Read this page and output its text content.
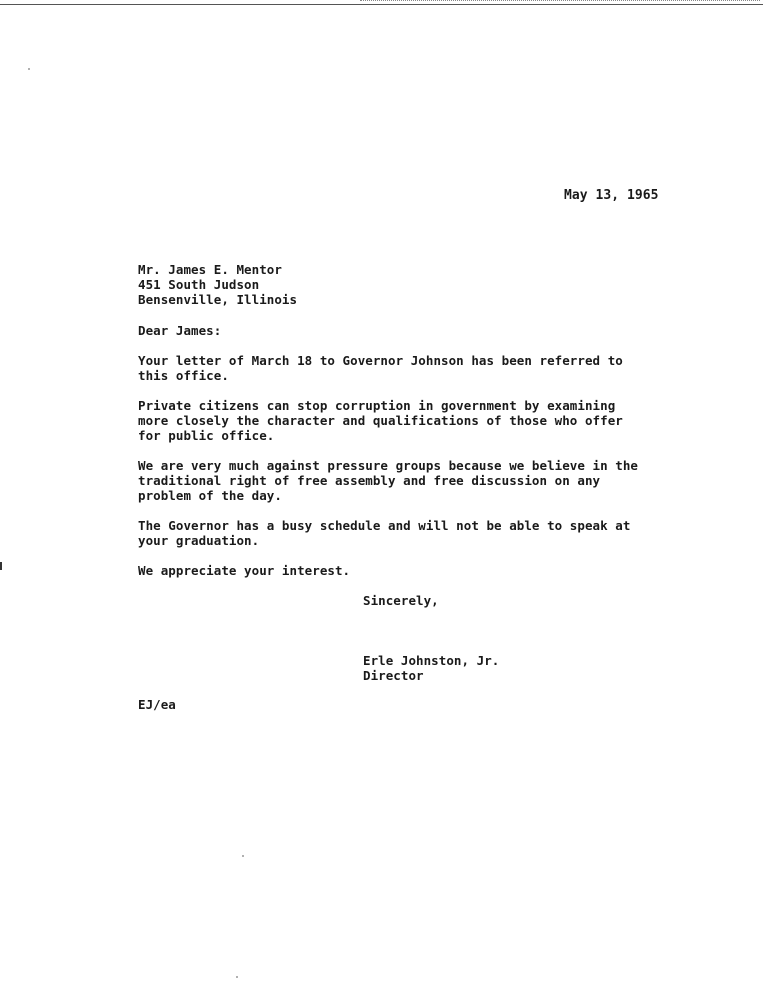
May 13, 1965
Mr. James E. Mentor
451 South Judson
Bensenville, Illinois
Dear James:
Your letter of March 18 to Governor Johnson has been referred to
this office.
Private citizens can stop corruption in government by examining
more closely the character and qualifications of those who offer
for public office.
We are very much against pressure groups because we believe in the
traditional right of free assembly and free discussion on any
problem of the day.
The Governor has a busy schedule and will not be able to speak at
your graduation.
We appreciate your interest.
Sincerely,
Erle Johnston, Jr.
Director
EJ/ea
